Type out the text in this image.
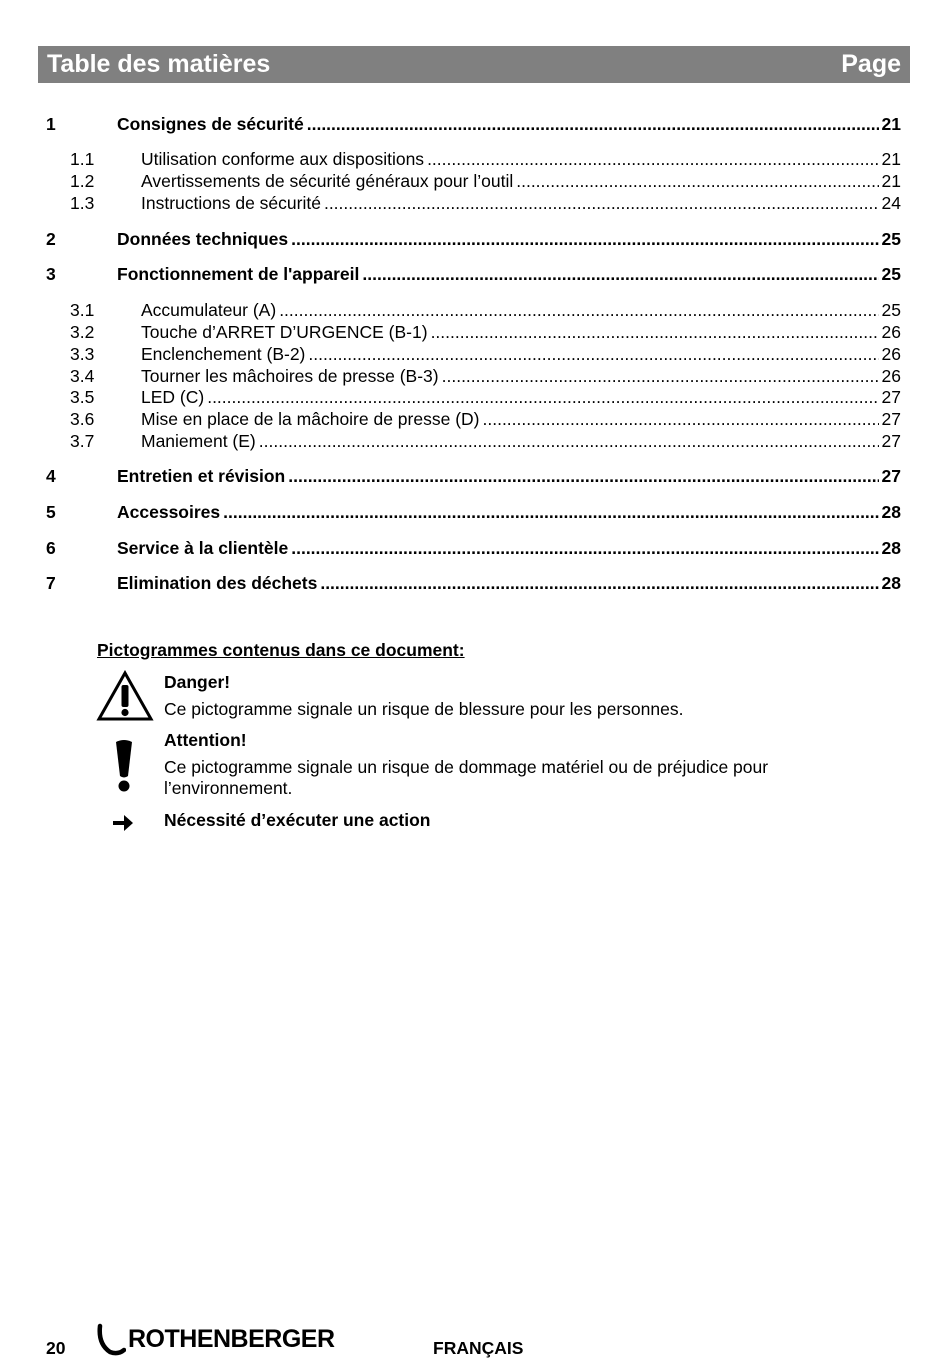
Table des matières	Page
1	Consignes de sécurité .....	21
1.1	Utilisation conforme aux dispositions .....	21
1.2	Avertissements de sécurité généraux pour l’outil .....	21
1.3	Instructions de sécurité .....	24
2	Données techniques .....	25
3	Fonctionnement de l'appareil .....	25
3.1	Accumulateur (A) .....	25
3.2	Touche d’ARRET D’URGENCE (B-1) .....	26
3.3	Enclenchement (B-2) .....	26
3.4	Tourner les mâchoires de presse (B-3) .....	26
3.5	LED (C) .....	27
3.6	Mise en place de la mâchoire de presse (D) .....	27
3.7	Maniement (E) .....	27
4	Entretien et révision .....	27
5	Accessoires .....	28
6	Service à la clientèle .....	28
7	Elimination des déchets .....	28
Pictogrammes contenus dans ce document:
Danger!
Ce pictogramme signale un risque de blessure pour les personnes.
Attention!
Ce pictogramme signale un risque de dommage matériel ou de préjudice pour
l’environnement.
Nécessité d’exécuter une action
20	ROTHENBERGER	FRANÇAIS
